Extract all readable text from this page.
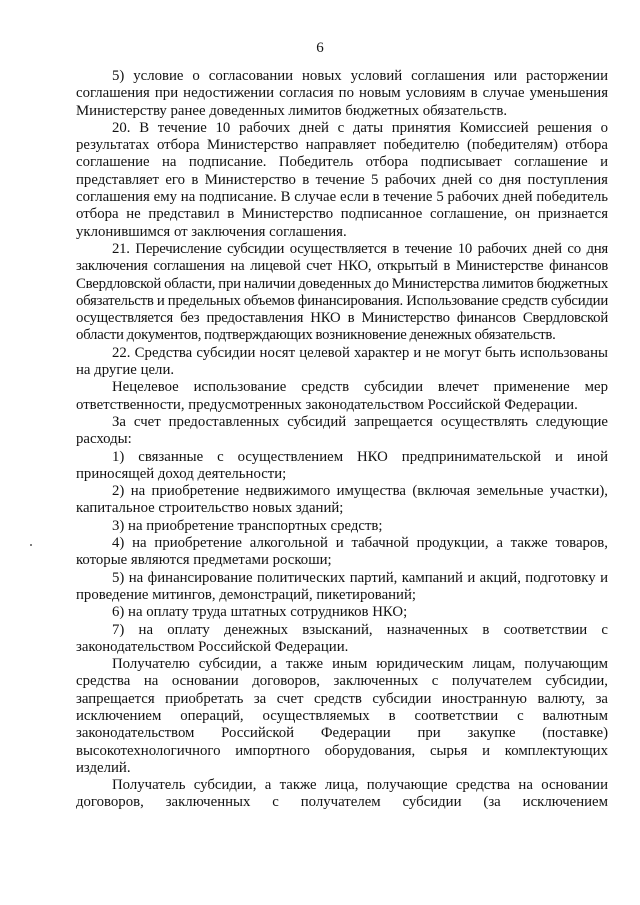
6

5) условие о согласовании новых условий соглашения или расторжении соглашения при недостижении согласия по новым условиям в случае уменьшения Министерству ранее доведенных лимитов бюджетных обязательств.

20. В течение 10 рабочих дней с даты принятия Комиссией решения о результатах отбора Министерство направляет победителю (победителям) отбора соглашение на подписание. Победитель отбора подписывает соглашение и представляет его в Министерство в течение 5 рабочих дней со дня поступления соглашения ему на подписание. В случае если в течение 5 рабочих дней победитель отбора не представил в Министерство подписанное соглашение, он признается уклонившимся от заключения соглашения.

21. Перечисление субсидии осуществляется в течение 10 рабочих дней со дня заключения соглашения на лицевой счет НКО, открытый в Министерстве финансов Свердловской области, при наличии доведенных до Министерства лимитов бюджетных обязательств и предельных объемов финансирования. Использование средств субсидии осуществляется без предоставления НКО в Министерство финансов Свердловской области документов, подтверждающих возникновение денежных обязательств.

22. Средства субсидии носят целевой характер и не могут быть использованы на другие цели.

Нецелевое использование средств субсидии влечет применение мер ответственности, предусмотренных законодательством Российской Федерации.

За счет предоставленных субсидий запрещается осуществлять следующие расходы:

1) связанные с осуществлением НКО предпринимательской и иной приносящей доход деятельности;

2) на приобретение недвижимого имущества (включая земельные участки), капитальное строительство новых зданий;

3) на приобретение транспортных средств;

4) на приобретение алкогольной и табачной продукции, а также товаров, которые являются предметами роскоши;

5) на финансирование политических партий, кампаний и акций, подготовку и проведение митингов, демонстраций, пикетирований;

6) на оплату труда штатных сотрудников НКО;

7) на оплату денежных взысканий, назначенных в соответствии с законодательством Российской Федерации.

Получателю субсидии, а также иным юридическим лицам, получающим средства на основании договоров, заключенных с получателем субсидии, запрещается приобретать за счет средств субсидии иностранную валюту, за исключением операций, осуществляемых в соответствии с валютным законодательством Российской Федерации при закупке (поставке) высокотехнологичного импортного оборудования, сырья и комплектующих изделий.

Получатель субсидии, а также лица, получающие средства на основании договоров, заключенных с получателем субсидии (за исключением
